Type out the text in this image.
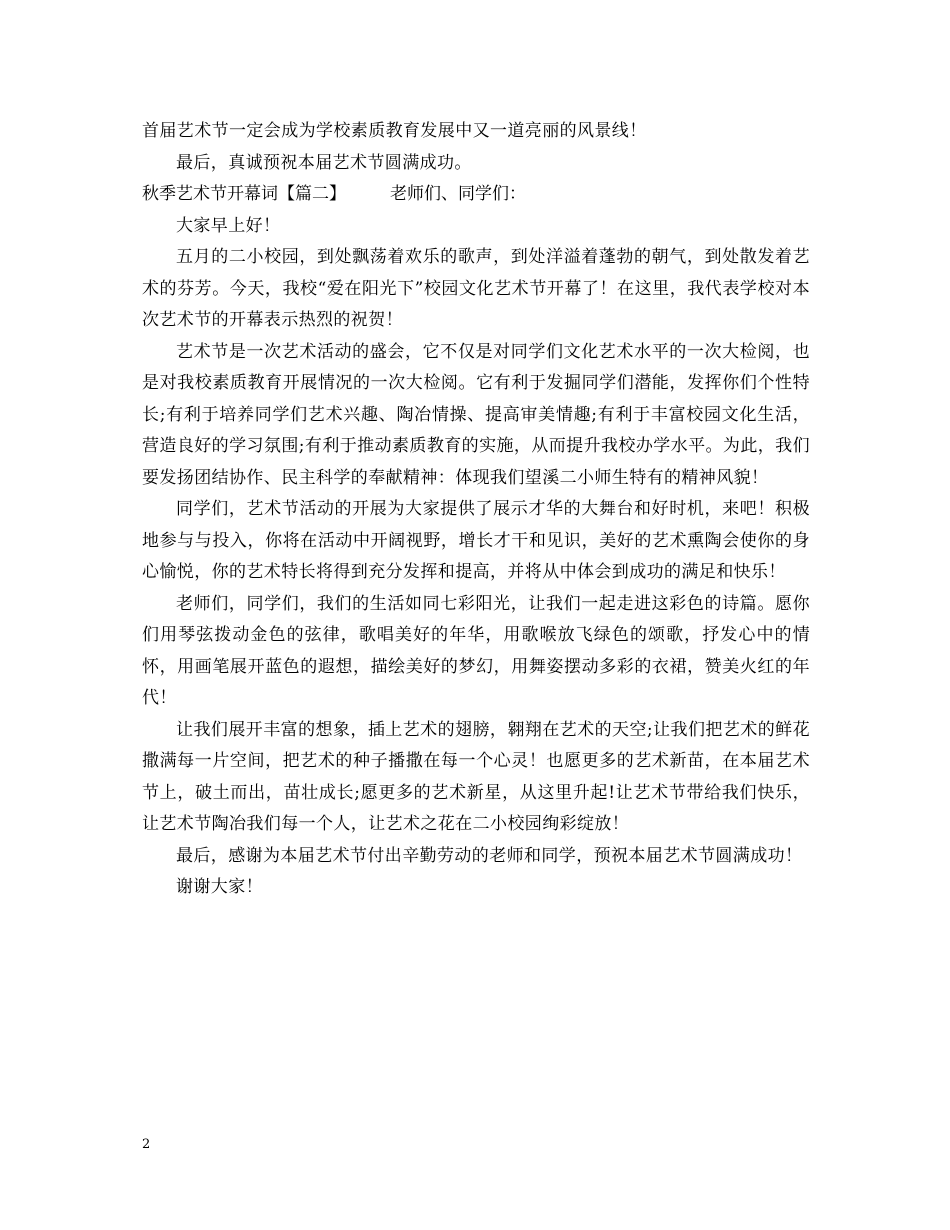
首届艺术节一定会成为学校素质教育发展中又一道亮丽的风景线！

最后，真诚预祝本届艺术节圆满成功。

秋季艺术节开幕词【篇二】	老师们、同学们：

大家早上好！

五月的二小校园，到处飘荡着欢乐的歌声，到处洋溢着蓬勃的朝气，到处散发着艺术的芬芳。今天，我校“爱在阳光下”校园文化艺术节开幕了！在这里，我代表学校对本次艺术节的开幕表示热烈的祝贺！

艺术节是一次艺术活动的盛会，它不仅是对同学们文化艺术水平的一次大检阅，也是对我校素质教育开展情况的一次大检阅。它有利于发掘同学们潜能，发挥你们个性特长;有利于培养同学们艺术兴趣、陶冶情操、提高审美情趣;有利于丰富校园文化生活，营造良好的学习氛围;有利于推动素质教育的实施，从而提升我校办学水平。为此，我们要发扬团结协作、民主科学的奉献精神：体现我们望溪二小师生特有的精神风貌！

同学们，艺术节活动的开展为大家提供了展示才华的大舞台和好时机，来吧！积极地参与与投入，你将在活动中开阔视野，增长才干和见识，美好的艺术熏陶会使你的身心愉悦，你的艺术特长将得到充分发挥和提高，并将从中体会到成功的满足和快乐！

老师们，同学们，我们的生活如同七彩阳光，让我们一起走进这彩色的诗篇。愿你们用琴弦拨动金色的弦律，歌唱美好的年华，用歌喉放飞绿色的颂歌，抒发心中的情怀，用画笔展开蓝色的遐想，描绘美好的梦幻，用舞姿摆动多彩的衣裙，赞美火红的年代！

让我们展开丰富的想象，插上艺术的翅膀，翱翔在艺术的天空;让我们把艺术的鲜花撒满每一片空间，把艺术的种子播撒在每一个心灵！也愿更多的艺术新苗，在本届艺术节上，破土而出，苗壮成长;愿更多的艺术新星，从这里升起!让艺术节带给我们快乐，让艺术节陶冶我们每一个人，让艺术之花在二小校园绚彩绽放！

最后，感谢为本届艺术节付出辛勤劳动的老师和同学，预祝本届艺术节圆满成功！

谢谢大家！

2
